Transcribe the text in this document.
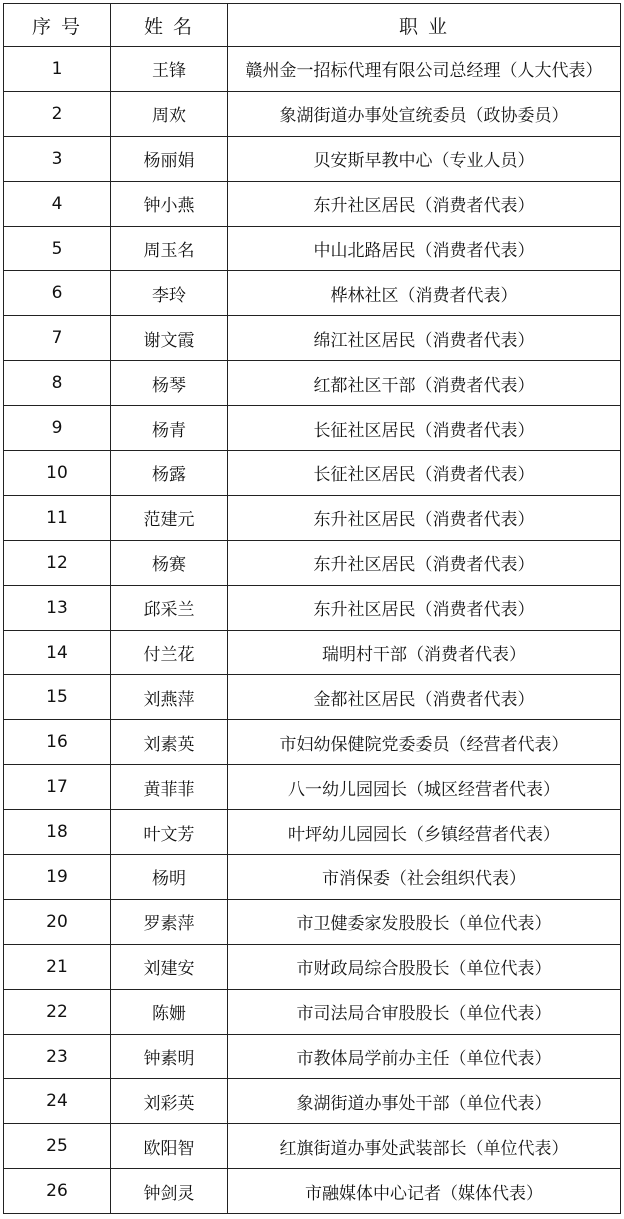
序 号	姓 名	职 业
1	王锋	赣州金一招标代理有限公司总经理（人大代表）
2	周欢	象湖街道办事处宣统委员（政协委员）
3	杨丽娟	贝安斯早教中心（专业人员）
4	钟小燕	东升社区居民（消费者代表）
5	周玉名	中山北路居民（消费者代表）
6	李玲	桦林社区（消费者代表）
7	谢文霞	绵江社区居民（消费者代表）
8	杨琴	红都社区干部（消费者代表）
9	杨青	长征社区居民（消费者代表）
10	杨露	长征社区居民（消费者代表）
11	范建元	东升社区居民（消费者代表）
12	杨赛	东升社区居民（消费者代表）
13	邱采兰	东升社区居民（消费者代表）
14	付兰花	瑞明村干部（消费者代表）
15	刘燕萍	金都社区居民（消费者代表）
16	刘素英	市妇幼保健院党委委员（经营者代表）
17	黄菲菲	八一幼儿园园长（城区经营者代表）
18	叶文芳	叶坪幼儿园园长（乡镇经营者代表）
19	杨明	市消保委（社会组织代表）
20	罗素萍	市卫健委家发股股长（单位代表）
21	刘建安	市财政局综合股股长（单位代表）
22	陈姗	市司法局合审股股长（单位代表）
23	钟素明	市教体局学前办主任（单位代表）
24	刘彩英	象湖街道办事处干部（单位代表）
25	欧阳智	红旗街道办事处武装部长（单位代表）
26	钟剑灵	市融媒体中心记者（媒体代表）
